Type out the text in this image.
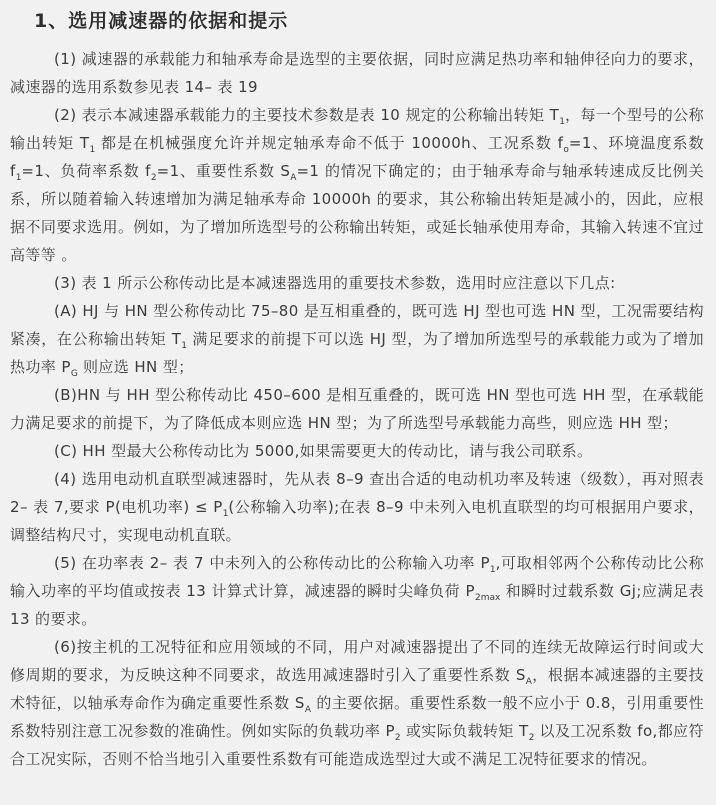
1、选用减速器的依据和提示

(1) 减速器的承载能力和轴承寿命是选型的主要依据，同时应满足热功率和轴伸径向力的要求，减速器的选用系数参见表 14– 表 19

(2) 表示本减速器承载能力的主要技术参数是表 10 规定的公称输出转矩 $T_1$，每一个型号的公称输出转矩 $T_1$ 都是在机械强度允许并规定轴承寿命不低于 10000h、工况系数 $f_o=1$、环境温度系数 $f_1=1$、负荷率系数 $f_2=1$、重要性系数 $S_A=1$ 的情况下确定的；由于轴承寿命与轴承转速成反比例关系，所以随着输入转速增加为满足轴承寿命 10000h 的要求，其公称输出转矩是减小的，因此，应根据不同要求选用。例如，为了增加所选型号的公称输出转矩，或延长轴承使用寿命，其输入转速不宜过高等等 。

(3) 表 1 所示公称传动比是本减速器选用的重要技术参数，选用时应注意以下几点:

(A) HJ 与 HN 型公称传动比 75–80 是互相重叠的，既可选 HJ 型也可选 HN 型，工况需要结构紧凑，在公称输出转矩 $T_1$ 满足要求的前提下可以选 HJ 型，为了增加所选型号的承载能力或为了增加热功率 $P_G$ 则应选 HN 型；

(B)HN 与 HH 型公称传动比 450–600 是相互重叠的，既可选 HN 型也可选 HH 型，在承载能力满足要求的前提下，为了降低成本则应选 HN 型；为了所选型号承载能力高些，则应选 HH 型；

(C) HH 型最大公称传动比为 5000,如果需要更大的传动比，请与我公司联系。

(4) 选用电动机直联型减速器时，先从表 8–9 查出合适的电动机功率及转速（级数），再对照表 2– 表 7,要求 P(电机功率) ≤ $P_1$(公称输入功率);在表 8–9 中未列入电机直联型的均可根据用户要求，调整结构尺寸，实现电动机直联。

(5) 在功率表 2– 表 7 中未列入的公称传动比的公称输入功率 $P_1$,可取相邻两个公称传动比公称输入功率的平均值或按表 13 计算式计算，减速器的瞬时尖峰负荷 $P_{2max}$ 和瞬时过载系数 Gj;应满足表 13 的要求。

(6)按主机的工况特征和应用领域的不同，用户对减速器提出了不同的连续无故障运行时间或大修周期的要求，为反映这种不同要求，故选用减速器时引入了重要性系数 $S_A$，根据本减速器的主要技术特征，以轴承寿命作为确定重要性系数 $S_A$ 的主要依据。重要性系数一般不应小于 0.8，引用重要性系数特别注意工况参数的准确性。例如实际的负载功率 $P_2$ 或实际负载转矩 $T_2$ 以及工况系数 fo,都应符合工况实际，否则不恰当地引入重要性系数有可能造成选型过大或不满足工况特征要求的情况。
